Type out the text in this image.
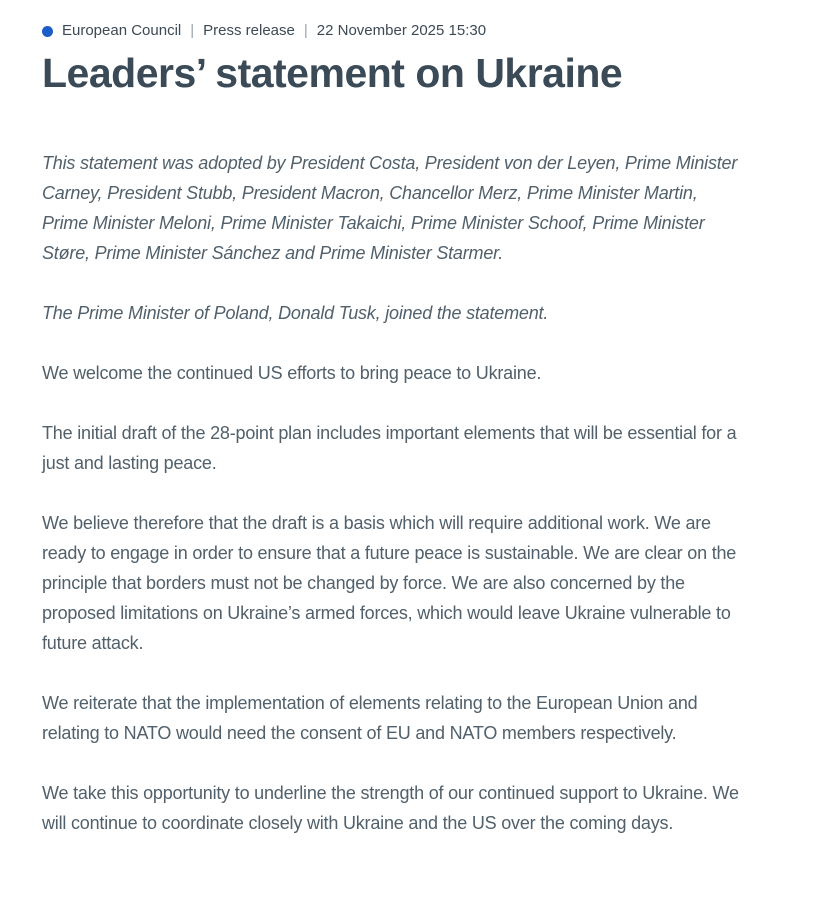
European Council | Press release | 22 November 2025 15:30
Leaders’ statement on Ukraine

This statement was adopted by President Costa, President von der Leyen, Prime Minister Carney, President Stubb, President Macron, Chancellor Merz, Prime Minister Martin, Prime Minister Meloni, Prime Minister Takaichi, Prime Minister Schoof, Prime Minister Støre, Prime Minister Sánchez and Prime Minister Starmer.

The Prime Minister of Poland, Donald Tusk, joined the statement.

We welcome the continued US efforts to bring peace to Ukraine.

The initial draft of the 28-point plan includes important elements that will be essential for a just and lasting peace.

We believe therefore that the draft is a basis which will require additional work. We are ready to engage in order to ensure that a future peace is sustainable. We are clear on the principle that borders must not be changed by force. We are also concerned by the proposed limitations on Ukraine’s armed forces, which would leave Ukraine vulnerable to future attack.

We reiterate that the implementation of elements relating to the European Union and relating to NATO would need the consent of EU and NATO members respectively.

We take this opportunity to underline the strength of our continued support to Ukraine. We will continue to coordinate closely with Ukraine and the US over the coming days.
